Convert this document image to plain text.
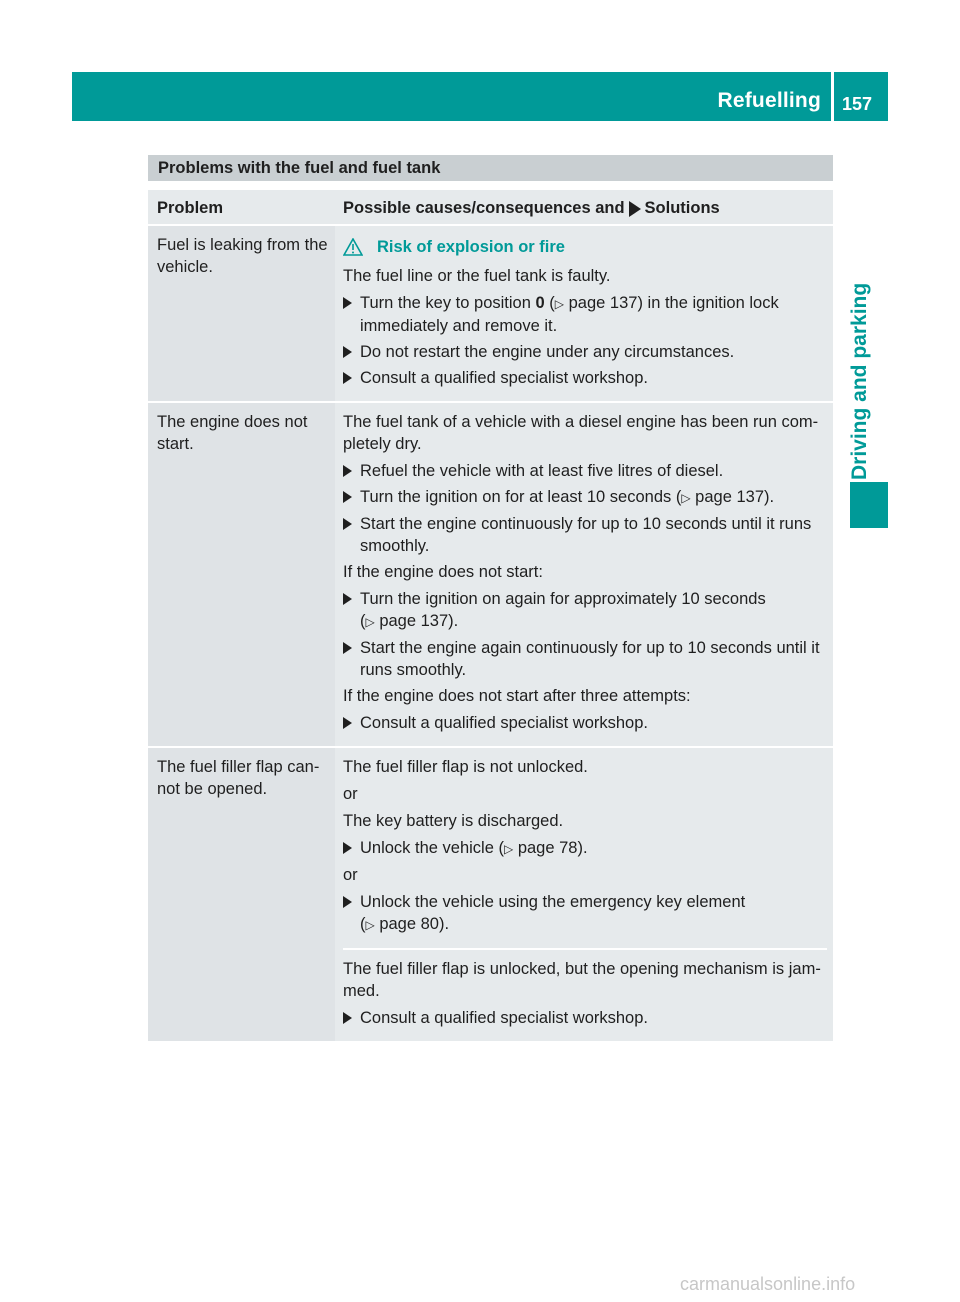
Refuelling 157
Driving and parking
Problems with the fuel and fuel tank
Problem	Possible causes/consequences and Solutions
Fuel is leaking from the vehicle.
Risk of explosion or fire

The fuel line or the fuel tank is faulty.

Turn the key to position 0 (▷ page 137) in the ignition lock immediately and remove it.
Do not restart the engine under any circumstances.
Consult a qualified specialist workshop.
The engine does not start.

The fuel tank of a vehicle with a diesel engine has been run com-pletely dry.

Refuel the vehicle with at least five litres of diesel.
Turn the ignition on for at least 10 seconds (▷ page 137).
Start the engine continuously for up to 10 seconds until it runs smoothly.

If the engine does not start:

Turn the ignition on again for approximately 10 seconds
(▷ page 137).
Start the engine again continuously for up to 10 seconds until it runs smoothly.

If the engine does not start after three attempts:

Consult a qualified specialist workshop.
The fuel filler flap can-not be opened.

The fuel filler flap is not unlocked.

or

The key battery is discharged.

Unlock the vehicle (▷ page 78).

or

Unlock the vehicle using the emergency key element
(▷ page 80).

The fuel filler flap is unlocked, but the opening mechanism is jam-med.

Consult a qualified specialist workshop.
carmanualsonline.info
